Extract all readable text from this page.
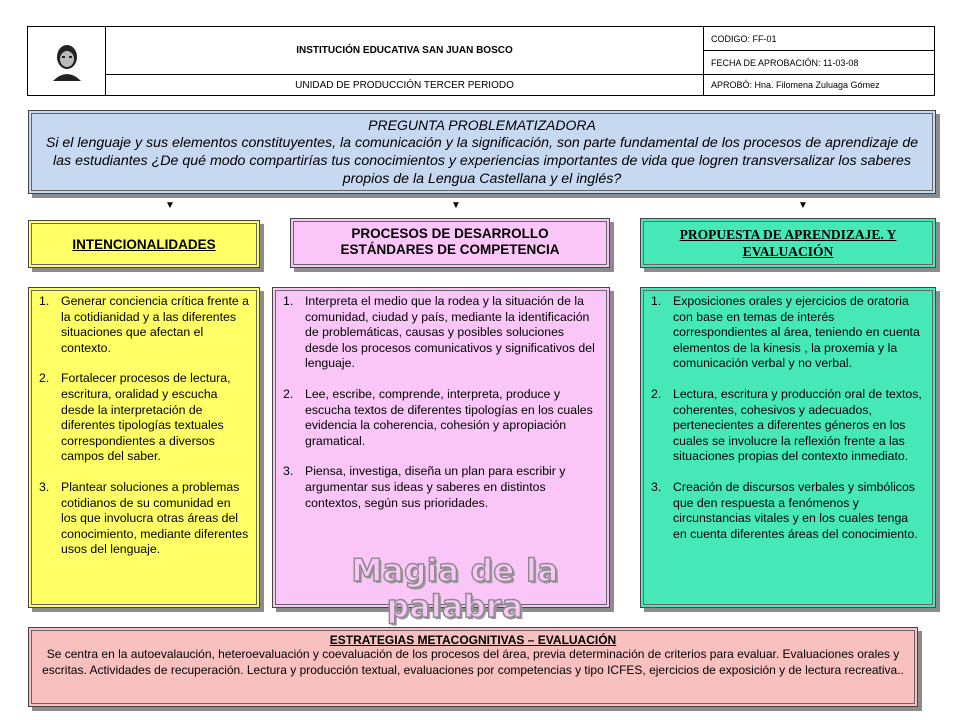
INSTITUCIÓN EDUCATIVA SAN JUAN BOSCO
UNIDAD DE PRODUCCIÓN TERCER PERIODO
CODIGO: FF-01
FECHA DE APROBACIÓN: 11-03-08
APROBÓ: Hna. Filomena Zuluaga Gómez
PREGUNTA PROBLEMATIZADORA
Si el lenguaje y sus elementos constituyentes, la comunicación y la significación, son parte fundamental de los procesos de aprendizaje de las estudiantes ¿De qué modo compartirías tus conocimientos y experiencias importantes de vida que logren transversalizar los saberes propios de la Lengua Castellana y el inglés?
▼	▼	▼
INTENCIONALIDADES
PROCESOS DE DESARROLLO
ESTÁNDARES DE COMPETENCIA
PROPUESTA DE APRENDIZAJE. Y
EVALUACIÓN
1. Generar conciencia crítica frente a la cotidianidad y a las diferentes situaciones que afectan el contexto.
2. Fortalecer procesos de lectura, escritura, oralidad y escucha desde la interpretación de diferentes tipologías textuales correspondientes a diversos campos del saber.
3. Plantear soluciones a problemas cotidianos de su comunidad en los que involucra otras áreas del conocimiento, mediante diferentes usos del lenguaje.
1. Interpreta el medio que la rodea y la situación de la comunidad, ciudad y país, mediante la identificación de problemáticas, causas y posibles soluciones desde los procesos comunicativos y significativos del lenguaje.
2. Lee, escribe, comprende, interpreta, produce y escucha textos de diferentes tipologías en los cuales evidencia la coherencia, cohesión y apropiación gramatical.
3. Piensa, investiga, diseña un plan para escribir y argumentar sus ideas y saberes en distintos contextos, según sus prioridades.
Magia de la palabra
1. Exposiciones orales y ejercicios de oratoria con base en temas de interés correspondientes al área, teniendo en cuenta elementos de la kinesis , la proxemia y la comunicación verbal y no verbal.
2. Lectura, escritura y producción oral de textos, coherentes, cohesivos y adecuados, pertenecientes a diferentes géneros en los cuales se involucre la reflexión frente a las situaciones propias del contexto inmediato.
3. Creación de discursos verbales y simbólicos que den respuesta a fenómenos y circunstancias vitales y en los cuales tenga en cuenta diferentes áreas del conocimiento.
ESTRATEGIAS METACOGNITIVAS – EVALUACIÓN
Se centra en la autoevalaución, heteroevaluación y coevaluación de los procesos del área, previa determinación de criterios para evaluar. Evaluaciones orales y escritas. Actividades de recuperación. Lectura y producción textual, evaluaciones por competencias y tipo ICFES, ejercicios de exposición y de lectura recreativa..
